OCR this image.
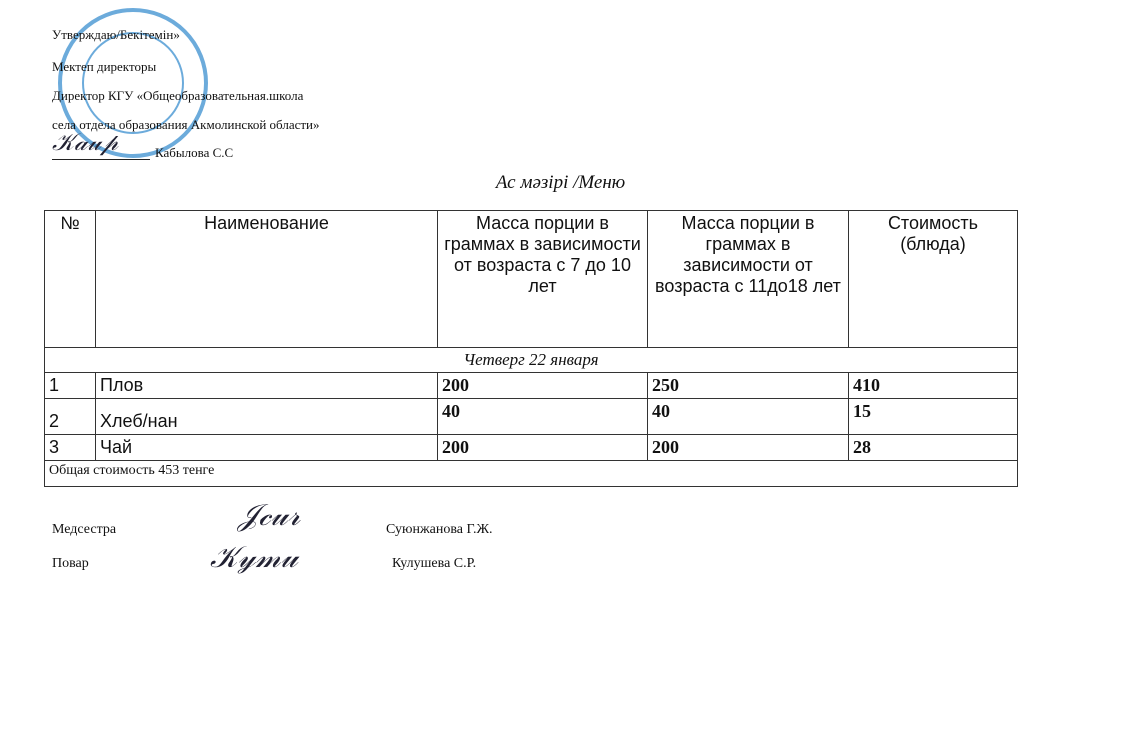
Утверждаю/Бекітемін»
Мектеп директоры
Директор КГУ «Общеобразовательная.школа
села отдела образования Акмолинской области»
𝒦𝒶𝓊𝓅	Кабылова С.С
Ас мәзірі /Меню
№	Наименование	Масса порции в граммах в зависимости от возраста с 7 до 10 лет	Масса порции в граммах в зависимости от возраста с 11до18 лет	Стоимость (блюда)
Четверг 22 января				
1	Плов	200	250	410
2	Хлеб/нан	40	40	15
3	Чай	200	200	28
Общая стоимость 453 тенге				
Медсестра	𝒥𝒸𝓊𝓇	Суюнжанова Г.Ж.
Повар	𝒦𝓎𝓂𝓊	Кулушева С.Р.
